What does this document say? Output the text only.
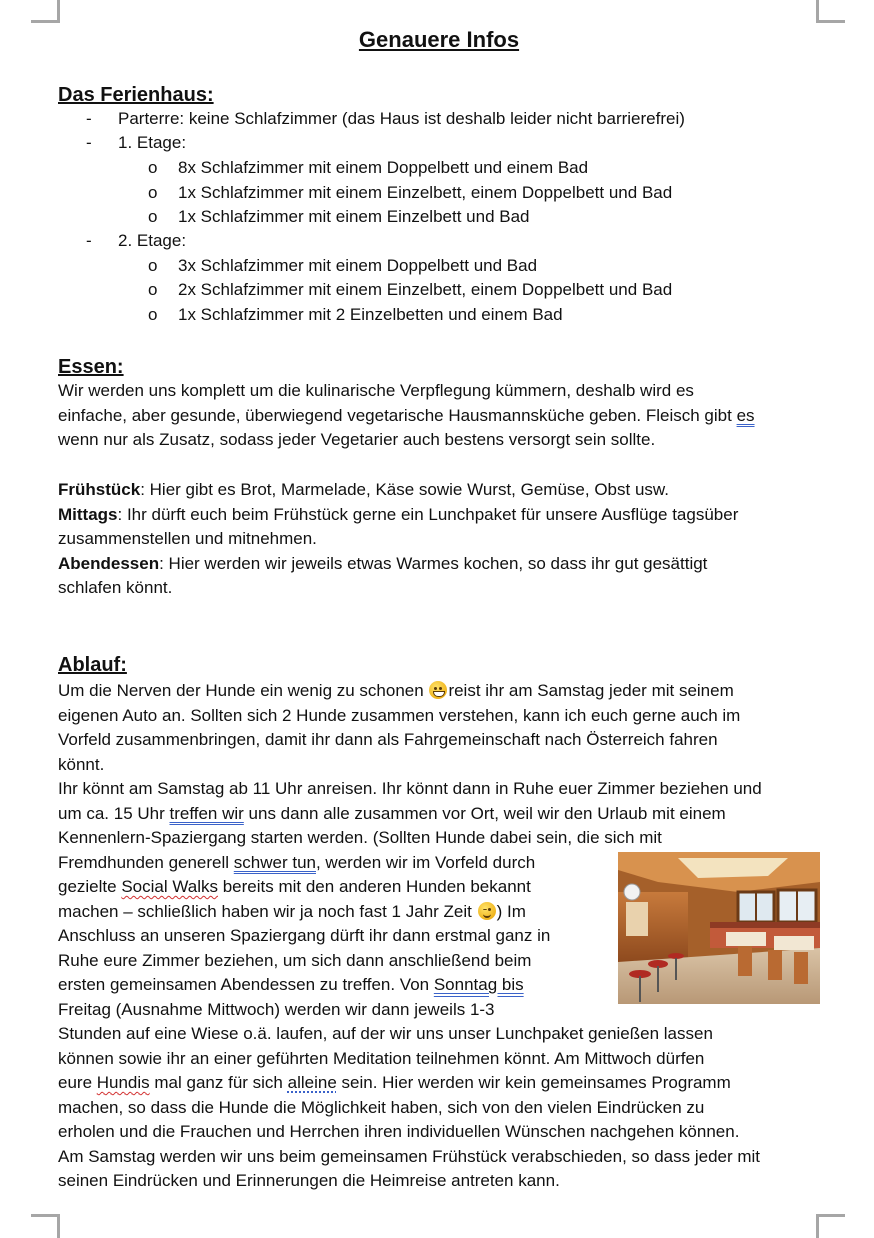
Genauere Infos
Das Ferienhaus:
-	Parterre: keine Schlafzimmer (das Haus ist deshalb leider nicht barrierefrei)
-	1. Etage:
o 8x Schlafzimmer mit einem Doppelbett und einem Bad
o 1x Schlafzimmer mit einem Einzelbett, einem Doppelbett und Bad
o 1x Schlafzimmer mit einem Einzelbett und Bad
-	2. Etage:
o 3x Schlafzimmer mit einem Doppelbett und Bad
o 2x Schlafzimmer mit einem Einzelbett, einem Doppelbett und Bad
o 1x Schlafzimmer mit 2 Einzelbetten und einem Bad
Essen:

Wir werden uns komplett um die kulinarische Verpflegung kümmern, deshalb wird es

einfache, aber gesunde, überwiegend vegetarische Hausmannsküche geben. Fleisch gibt es

wenn nur als Zusatz, sodass jeder Vegetarier auch bestens versorgt sein sollte.

Frühstück: Hier gibt es Brot, Marmelade, Käse sowie Wurst, Gemüse, Obst usw.

Mittags: Ihr dürft euch beim Frühstück gerne ein Lunchpaket für unsere Ausflüge tagsüber

zusammenstellen und mitnehmen.

Abendessen: Hier werden wir jeweils etwas Warmes kochen, so dass ihr gut gesättigt

schlafen könnt.

Ablauf:

Um die Nerven der Hunde ein wenig zu schonen
reist ihr am Samstag jeder mit seinem

eigenen Auto an. Sollten sich 2 Hunde zusammen verstehen, kann ich euch gerne auch im

Vorfeld zusammenbringen, damit ihr dann als Fahrgemeinschaft nach Österreich fahren

könnt.

Ihr könnt am Samstag ab 11 Uhr anreisen. Ihr könnt dann in Ruhe euer Zimmer beziehen und

um ca. 15 Uhr treffen wir uns dann alle zusammen vor Ort, weil wir den Urlaub mit einem

Kennenlern-Spaziergang starten werden. (Sollten Hunde dabei sein, die sich mit

Fremdhunden generell schwer tun, werden wir im Vorfeld durch

gezielte Social Walks bereits mit den anderen Hunden bekannt

machen – schließlich haben wir ja noch fast 1 Jahr Zeit
) Im

Anschluss an unseren Spaziergang dürft ihr dann erstmal ganz in

Ruhe eure Zimmer beziehen, um sich dann anschließend beim

ersten gemeinsamen Abendessen zu treffen. Von Sonntag bis

Freitag (Ausnahme Mittwoch) werden wir dann jeweils 1-3

Stunden auf eine Wiese o.ä. laufen, auf der wir uns unser Lunchpaket genießen lassen

können sowie ihr an einer geführten Meditation teilnehmen könnt. Am Mittwoch dürfen

eure Hundis mal ganz für sich alleine sein. Hier werden wir kein gemeinsames Programm

machen, so dass die Hunde die Möglichkeit haben, sich von den vielen Eindrücken zu

erholen und die Frauchen und Herrchen ihren individuellen Wünschen nachgehen können.

Am Samstag werden wir uns beim gemeinsamen Frühstück verabschieden, so dass jeder mit

seinen Eindrücken und Erinnerungen die Heimreise antreten kann.
